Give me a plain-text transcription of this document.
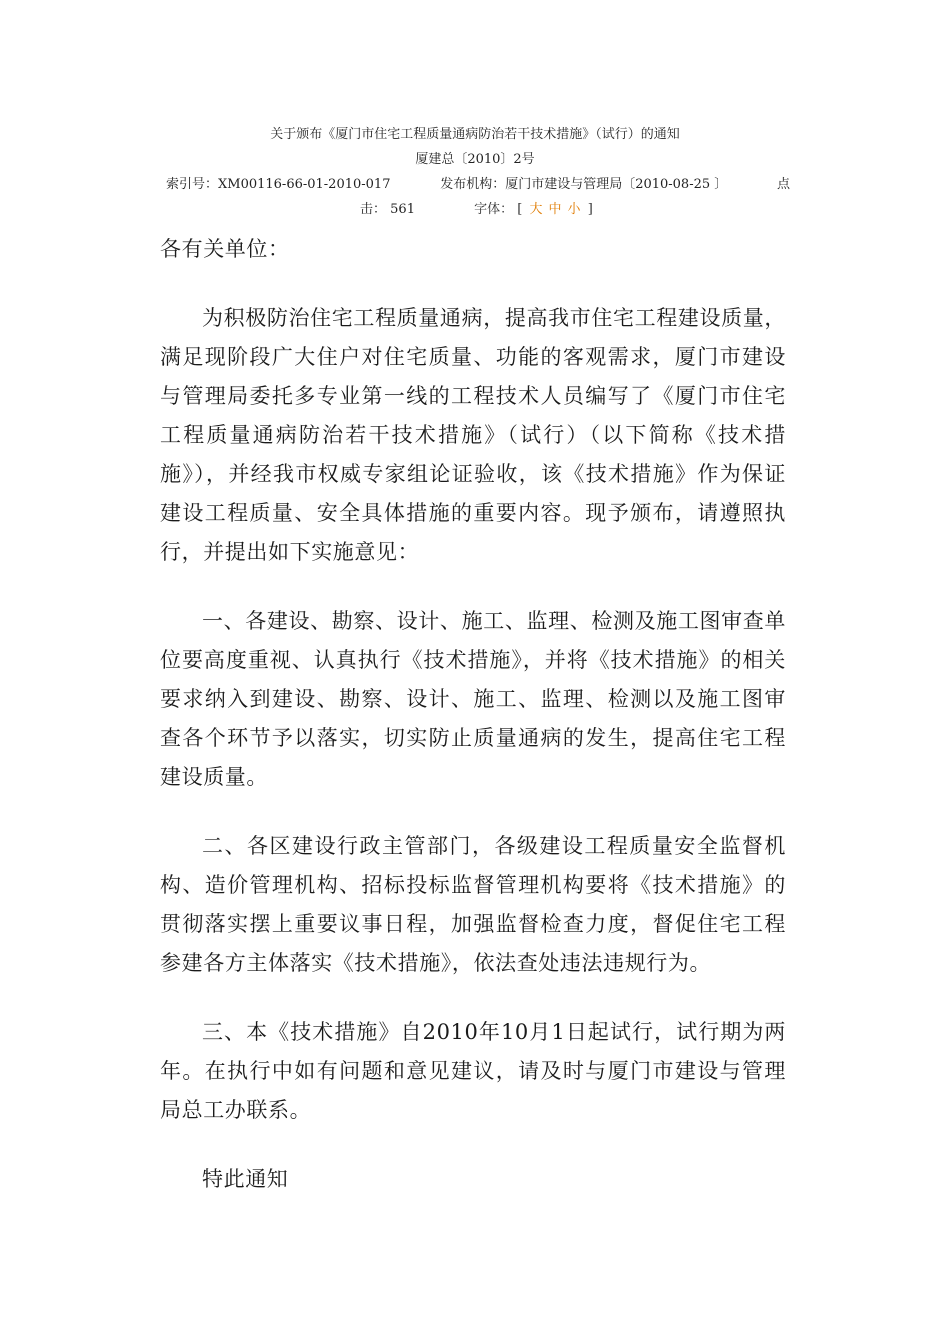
关于颁布《厦门市住宅工程质量通病防治若干技术措施》（试行）的通知
厦建总〔2010〕2号
索引号：XM00116-66-01-2010-017	发布机构：厦门市建设与管理局〔2010-08-25 〕	点
击： 561	字体： [ 大 中 小 ]

各有关单位：

为积极防治住宅工程质量通病，提高我市住宅工程建设质量，满足现阶段广大住户对住宅质量、功能的客观需求，厦门市建设与管理局委托多专业第一线的工程技术人员编写了《厦门市住宅工程质量通病防治若干技术措施》（试行）（以下简称《技术措施》），并经我市权威专家组论证验收，该《技术措施》作为保证建设工程质量、安全具体措施的重要内容。现予颁布，请遵照执行，并提出如下实施意见：

一、各建设、勘察、设计、施工、监理、检测及施工图审查单位要高度重视、认真执行《技术措施》，并将《技术措施》的相关要求纳入到建设、勘察、设计、施工、监理、检测以及施工图审查各个环节予以落实，切实防止质量通病的发生，提高住宅工程建设质量。

二、各区建设行政主管部门，各级建设工程质量安全监督机构、造价管理机构、招标投标监督管理机构要将《技术措施》的贯彻落实摆上重要议事日程，加强监督检查力度，督促住宅工程参建各方主体落实《技术措施》，依法查处违法违规行为。

三、本《技术措施》自2010年10月1日起试行，试行期为两年。在执行中如有问题和意见建议，请及时与厦门市建设与管理局总工办联系。

特此通知
